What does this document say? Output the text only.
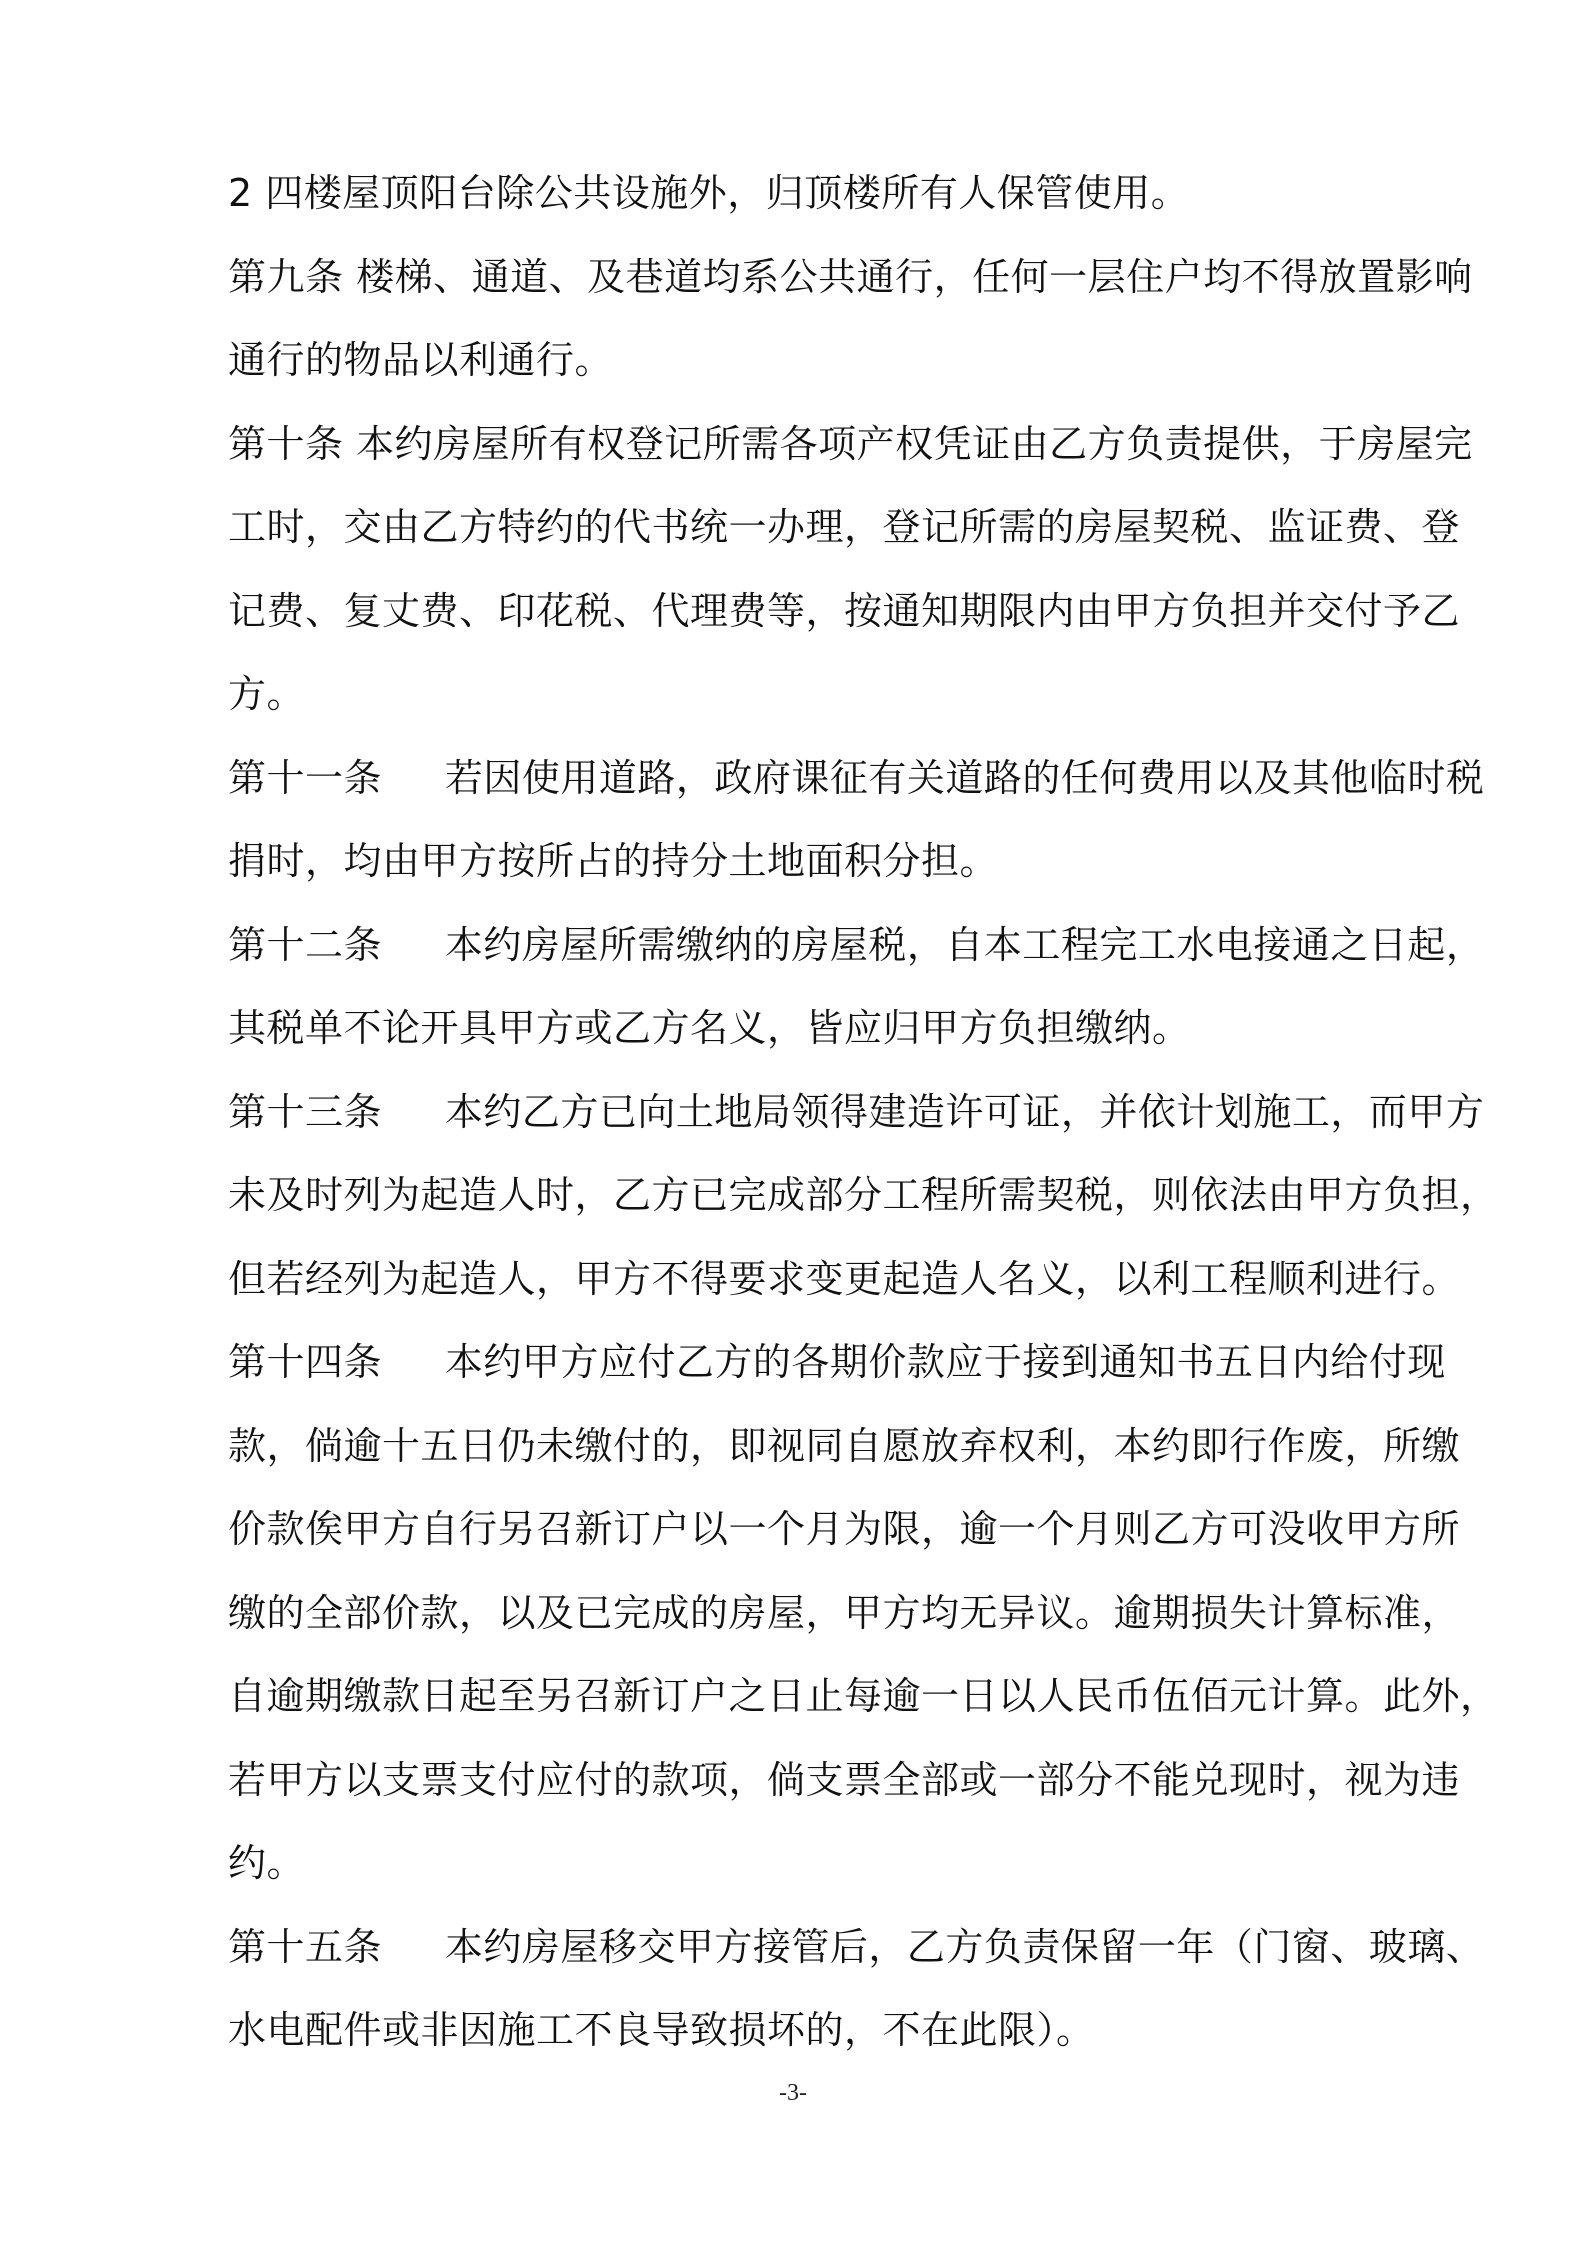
2 四楼屋顶阳台除公共设施外，归顶楼所有人保管使用。
第九条 楼梯、通道、及巷道均系公共通行，任何一层住户均不得放置影响
通行的物品以利通行。
第十条 本约房屋所有权登记所需各项产权凭证由乙方负责提供，于房屋完
工时，交由乙方特约的代书统一办理，登记所需的房屋契税、监证费、登
记费、复丈费、印花税、代理费等，按通知期限内由甲方负担并交付予乙
方。
第十一条     若因使用道路，政府课征有关道路的任何费用以及其他临时税
捐时，均由甲方按所占的持分土地面积分担。
第十二条     本约房屋所需缴纳的房屋税，自本工程完工水电接通之日起，
其税单不论开具甲方或乙方名义，皆应归甲方负担缴纳。
第十三条     本约乙方已向土地局领得建造许可证，并依计划施工，而甲方
未及时列为起造人时，乙方已完成部分工程所需契税，则依法由甲方负担，
但若经列为起造人，甲方不得要求变更起造人名义，以利工程顺利进行。
第十四条     本约甲方应付乙方的各期价款应于接到通知书五日内给付现
款，倘逾十五日仍未缴付的，即视同自愿放弃权利，本约即行作废，所缴
价款俟甲方自行另召新订户以一个月为限，逾一个月则乙方可没收甲方所
缴的全部价款，以及已完成的房屋，甲方均无异议。逾期损失计算标准，
自逾期缴款日起至另召新订户之日止每逾一日以人民币伍佰元计算。此外，
若甲方以支票支付应付的款项，倘支票全部或一部分不能兑现时，视为违
约。
第十五条     本约房屋移交甲方接管后，乙方负责保留一年（门窗、玻璃、
水电配件或非因施工不良导致损坏的，不在此限）。
-3-
